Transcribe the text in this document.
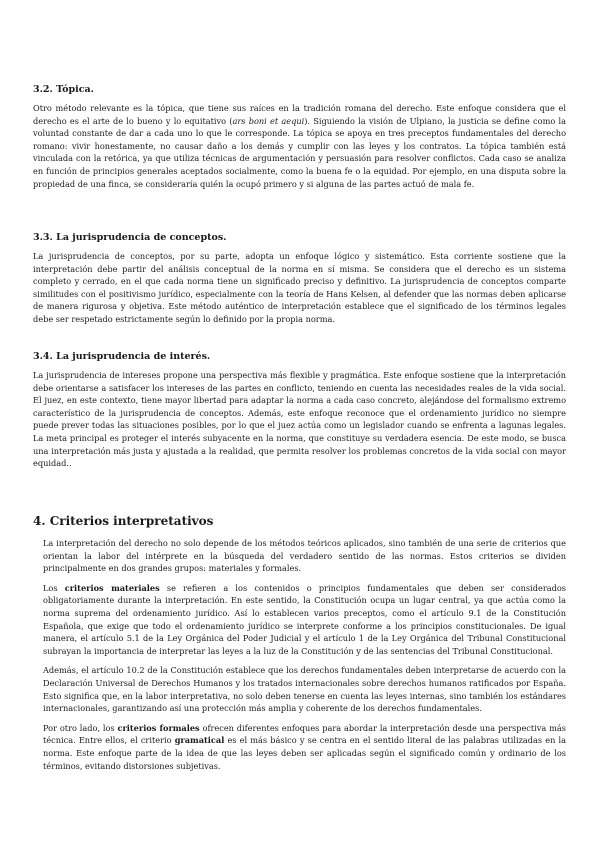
3.2. Tópica.

Otro método relevante es la tópica, que tiene sus raíces en la tradición romana del derecho. Este enfoque considera que el derecho es el arte de lo bueno y lo equitativo (ars boni et aequi). Siguiendo la visión de Ulpiano, la justicia se define como la voluntad constante de dar a cada uno lo que le corresponde. La tópica se apoya en tres preceptos fundamentales del derecho romano: vivir honestamente, no causar daño a los demás y cumplir con las leyes y los contratos. La tópica también está vinculada con la retórica, ya que utiliza técnicas de argumentación y persuasión para resolver conflictos. Cada caso se analiza en función de principios generales aceptados socialmente, como la buena fe o la equidad. Por ejemplo, en una disputa sobre la propiedad de una finca, se consideraría quién la ocupó primero y si alguna de las partes actuó de mala fe.

3.3. La jurisprudencia de conceptos.

La jurisprudencia de conceptos, por su parte, adopta un enfoque lógico y sistemático. Esta corriente sostiene que la interpretación debe partir del análisis conceptual de la norma en sí misma. Se considera que el derecho es un sistema completo y cerrado, en el que cada norma tiene un significado preciso y definitivo. La jurisprudencia de conceptos comparte similitudes con el positivismo jurídico, especialmente con la teoría de Hans Kelsen, al defender que las normas deben aplicarse de manera rigurosa y objetiva. Este método auténtico de interpretación establece que el significado de los términos legales debe ser respetado estrictamente según lo definido por la propia norma.

3.4. La jurisprudencia de interés.

La jurisprudencia de intereses propone una perspectiva más flexible y pragmática. Este enfoque sostiene que la interpretación debe orientarse a satisfacer los intereses de las partes en conflicto, teniendo en cuenta las necesidades reales de la vida social. El juez, en este contexto, tiene mayor libertad para adaptar la norma a cada caso concreto, alejándose del formalismo extremo característico de la jurisprudencia de conceptos. Además, este enfoque reconoce que el ordenamiento jurídico no siempre puede prever todas las situaciones posibles, por lo que el juez actúa como un legislador cuando se enfrenta a lagunas legales. La meta principal es proteger el interés subyacente en la norma, que constituye su verdadera esencia. De este modo, se busca una interpretación más justa y ajustada a la realidad, que permita resolver los problemas concretos de la vida social con mayor equidad..

4. Criterios interpretativos

La interpretación del derecho no solo depende de los métodos teóricos aplicados, sino también de una serie de criterios que orientan la labor del intérprete en la búsqueda del verdadero sentido de las normas. Estos criterios se dividen principalmente en dos grandes grupos: materiales y formales.

Los criterios materiales se refieren a los contenidos o principios fundamentales que deben ser considerados obligatoriamente durante la interpretación. En este sentido, la Constitución ocupa un lugar central, ya que actúa como la norma suprema del ordenamiento jurídico. Así lo establecen varios preceptos, como el artículo 9.1 de la Constitución Española, que exige que todo el ordenamiento jurídico se interprete conforme a los principios constitucionales. De igual manera, el artículo 5.1 de la Ley Orgánica del Poder Judicial y el artículo 1 de la Ley Orgánica del Tribunal Constitucional subrayan la importancia de interpretar las leyes a la luz de la Constitución y de las sentencias del Tribunal Constitucional.

Además, el artículo 10.2 de la Constitución establece que los derechos fundamentales deben interpretarse de acuerdo con la Declaración Universal de Derechos Humanos y los tratados internacionales sobre derechos humanos ratificados por España. Esto significa que, en la labor interpretativa, no solo deben tenerse en cuenta las leyes internas, sino también los estándares internacionales, garantizando así una protección más amplia y coherente de los derechos fundamentales.

Por otro lado, los criterios formales ofrecen diferentes enfoques para abordar la interpretación desde una perspectiva más técnica. Entre ellos, el criterio gramatical es el más básico y se centra en el sentido literal de las palabras utilizadas en la norma. Este enfoque parte de la idea de que las leyes deben ser aplicadas según el significado común y ordinario de los términos, evitando distorsiones subjetivas.
